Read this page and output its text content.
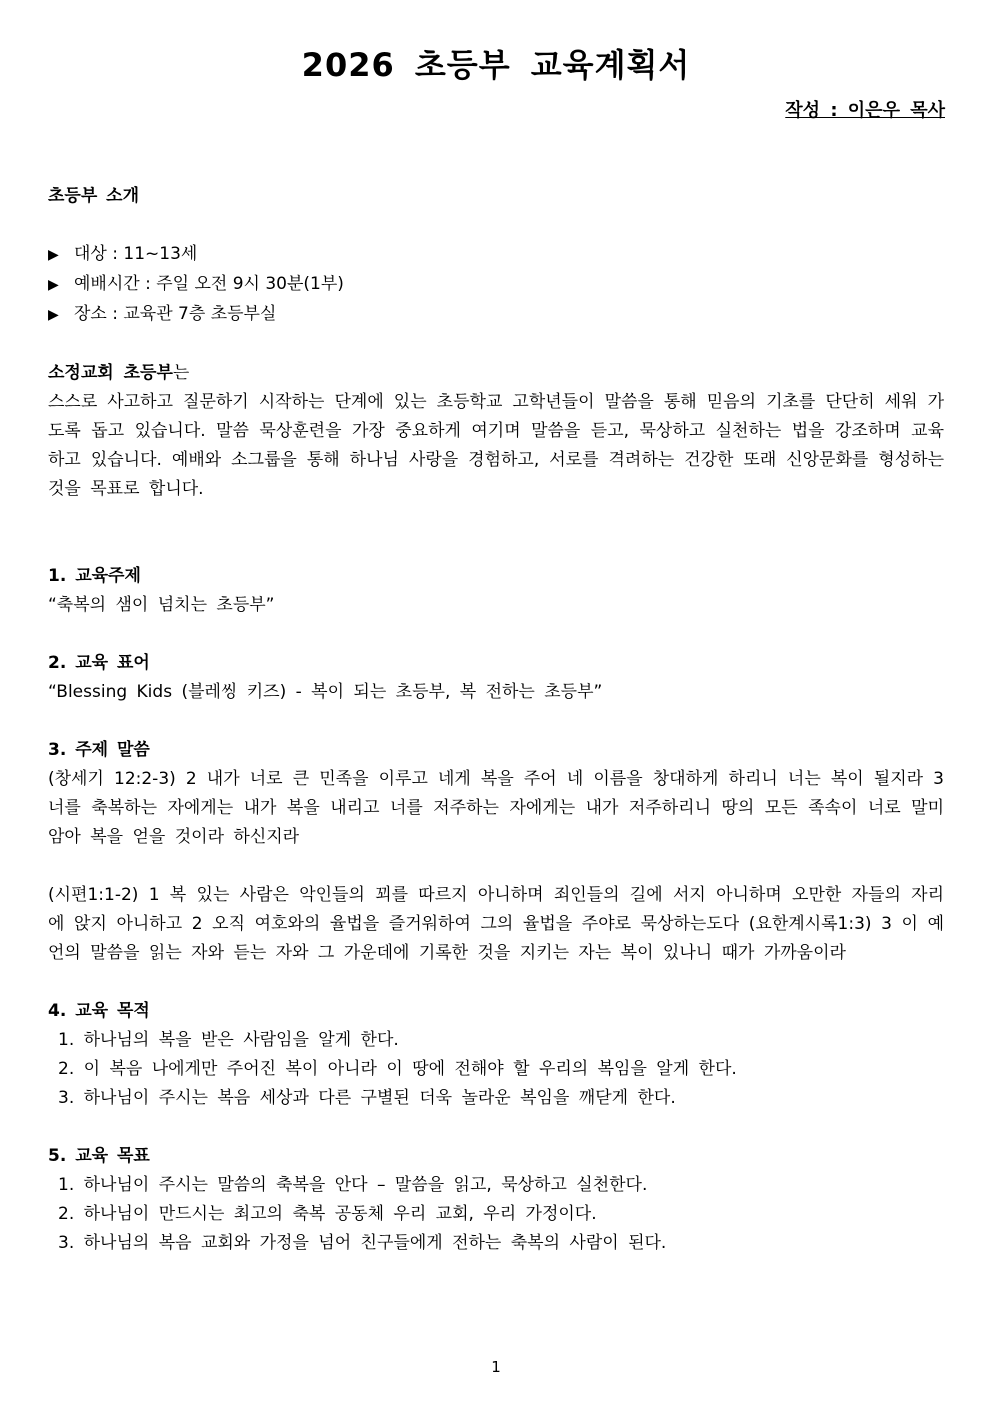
2026 초등부 교육계획서
작성 : 이은우 목사

초등부 소개

▶ 대상 : 11~13세

▶ 예배시간 : 주일 오전 9시 30분(1부)

▶ 장소 : 교육관 7층 초등부실

소정교회 초등부는

스스로 사고하고 질문하기 시작하는 단계에 있는 초등학교 고학년들이 말씀을 통해 믿음의 기초를 단단히 세워 가도록 돕고 있습니다. 말씀 묵상훈련을 가장 중요하게 여기며 말씀을 듣고, 묵상하고 실천하는 법을 강조하며 교육하고 있습니다. 예배와 소그룹을 통해 하나님 사랑을 경험하고, 서로를 격려하는 건강한 또래 신앙문화를 형성하는 것을 목표로 합니다.

1. 교육주제

“축복의 샘이 넘치는 초등부”

2. 교육 표어

“Blessing Kids (블레씽 키즈) - 복이 되는 초등부, 복 전하는 초등부”

3. 주제 말씀

(창세기 12:2-3) 2 내가 너로 큰 민족을 이루고 네게 복을 주어 네 이름을 창대하게 하리니 너는 복이 될지라 3 너를 축복하는 자에게는 내가 복을 내리고 너를 저주하는 자에게는 내가 저주하리니 땅의 모든 족속이 너로 말미암아 복을 얻을 것이라 하신지라

(시편1:1-2) 1 복 있는 사람은 악인들의 꾀를 따르지 아니하며 죄인들의 길에 서지 아니하며 오만한 자들의 자리에 앉지 아니하고 2 오직 여호와의 율법을 즐거워하여 그의 율법을 주야로 묵상하는도다 (요한계시록1:3) 3 이 예언의 말씀을 읽는 자와 듣는 자와 그 가운데에 기록한 것을 지키는 자는 복이 있나니 때가 가까움이라

4. 교육 목적

1. 하나님의 복을 받은 사람임을 알게 한다.

2. 이 복음 나에게만 주어진 복이 아니라 이 땅에 전해야 할 우리의 복임을 알게 한다.

3. 하나님이 주시는 복음 세상과 다른 구별된 더욱 놀라운 복임을 깨닫게 한다.

5. 교육 목표

1. 하나님이 주시는 말씀의 축복을 안다 – 말씀을 읽고, 묵상하고 실천한다.

2. 하나님이 만드시는 최고의 축복 공동체 우리 교회, 우리 가정이다.

3. 하나님의 복음 교회와 가정을 넘어 친구들에게 전하는 축복의 사람이 된다.

1
